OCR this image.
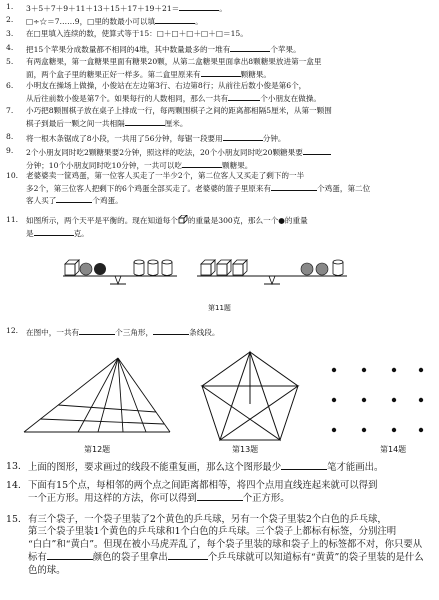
1.	3＋5＋7＋9＋11＋13＋15＋17＋19＋21＝	。
2.	□÷☆＝7……9，□里的数最小可以填	。
3.	在□里填入连续的数，使算式等于15：□＋□＋□＋□＋□＝15。
4.	把15个苹果分成数量都不相同的4堆，其中数量最多的一堆有	个苹果。
5.	有两盒糖果，第一盒糖果里面有糖果20颗，从第二盒糖果里面拿出8颗糖果放进第一盒里
面，两个盒子里的糖果正好一样多。第二盒里原来有	颗糖果。
6.	小明友在操场上做操，小俊站在左边第3行、右边第8行；从前往后数小俊是第6个，
从后往前数小俊是第7个。如果每行的人数相同，那么一共有	个小朋友在做操。
7.	小巧把8颗围棋子放在桌子上排成一行，每两颗围棋子之间的距离都相隔5厘米，从第一颗围
棋子到最后一颗之间一共相隔	厘米。
8.	将一根木条锯成了8小段，一共用了56分钟，每锯一段要用	分钟。
9.	2个小朋友同时吃2颗糖果要2分钟，照这样的吃法，20个小朋友同时吃20颗糖果要
分钟；10个小朋友同时吃10分钟，一共可以吃	颗糖果。
10.	老婆婆卖一筐鸡蛋，第一位客人买走了一半少2个，第二位客人又买走了剩下的一半
多2个，第三位客人把剩下的6个鸡蛋全部买走了。老婆婆的篮子里原来有	个鸡蛋，第二位
客人买了	个鸡蛋。
11.	如图所示，两个天平是平衡的。现在知道每个 的重量是300克，那么一个●的重量
是	克。
第11题
12.	在图中，一共有	个三角形，	条线段。
第12题	第13题	第14题
13. 上面的图形，要求画过的线段不能重复画，那么这个图形最少	笔才能画出。
14. 下面有15个点，每相邻的两个点之间距离都相等，将四个点用直线连起来就可以得到
一个正方形。用这样的方法，你可以得到	个正方形。
15. 有三个袋子，一个袋子里装了2个黄色的乒乓球，另有一个袋子里装2个白色的乒乓球，
第三个袋子里装1个黄色的乒乓球和1个白色的乒乓球。三个袋子上都标有标签，分别注明
“白白”和“黄白”。但现在被小马虎弄乱了，每个袋子里装的球和袋子上的标签都不对，你只要从
标有	颜色的袋子里拿出	个乒乓球就可以知道标有“黄黄”的袋子里装的是什么
色的球。
